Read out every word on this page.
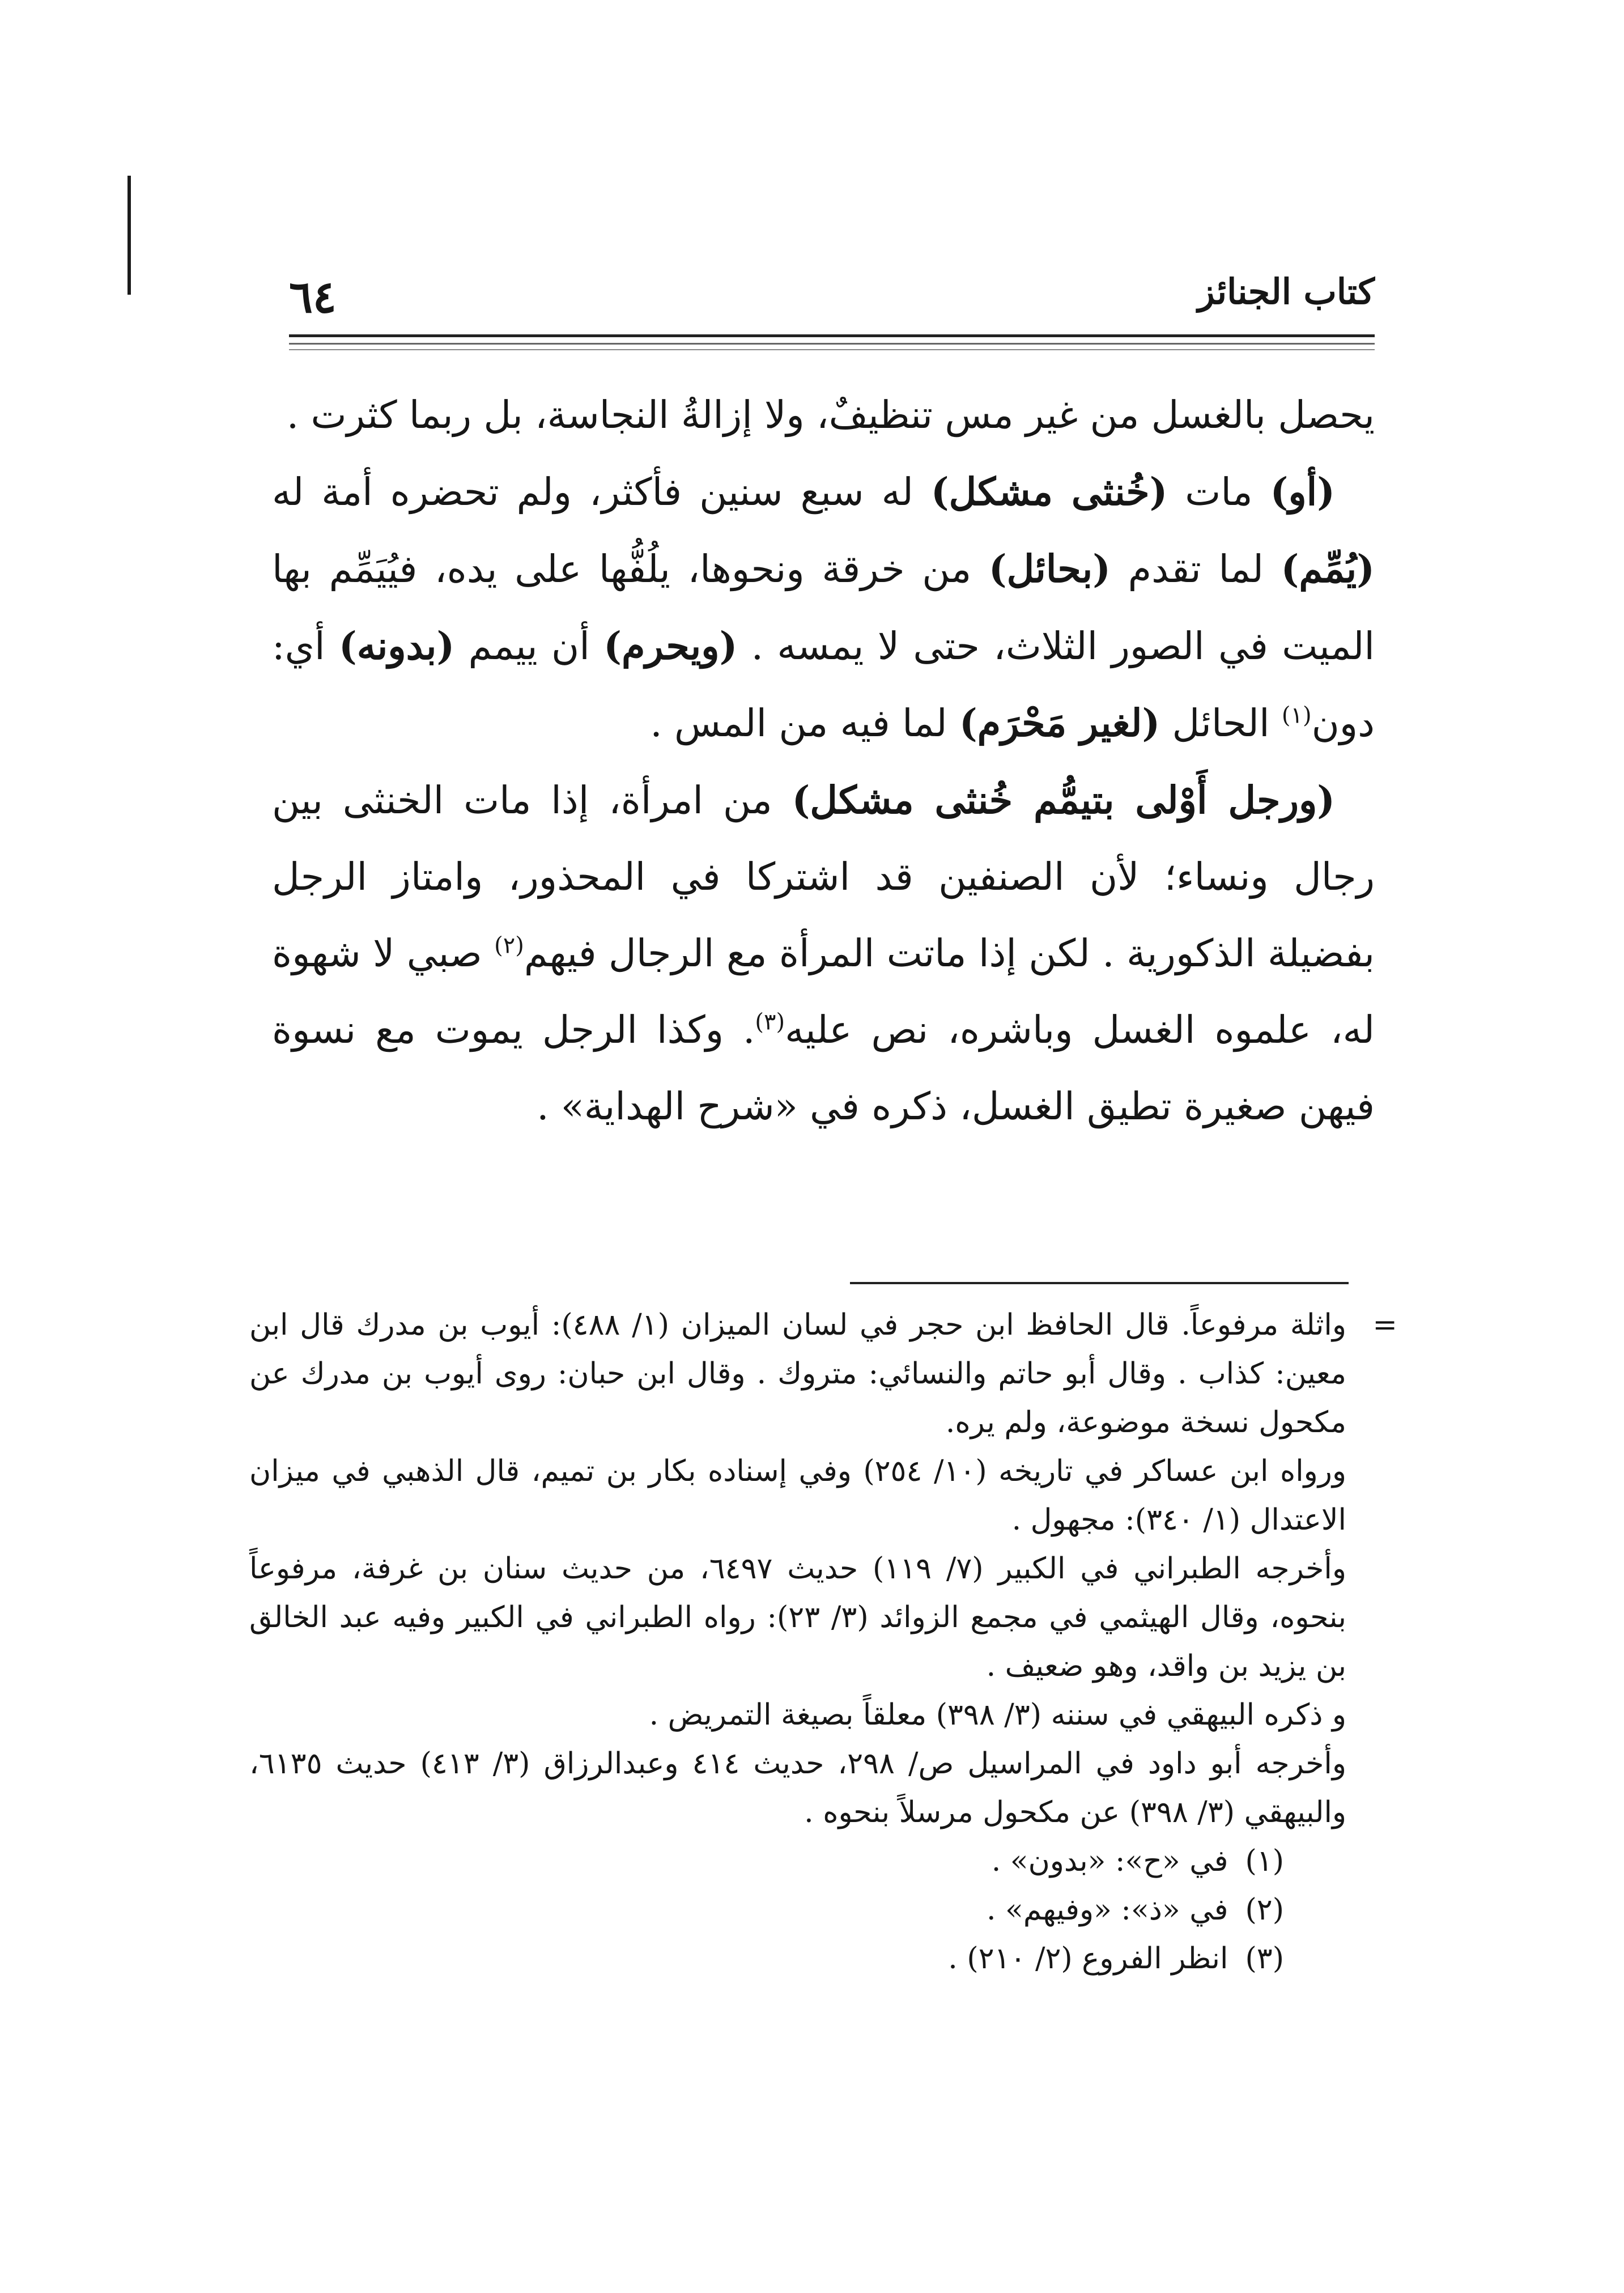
كتاب الجنائز
٦٤

يحصل بالغسل من غير مس تنظيفٌ، ولا إزالةُ النجاسة، بل ربما كثرت .

(أو) مات (خُنثى مشكل) له سبع سنين فأكثر، ولم تحضره أمة له (يُمِّم) لما تقدم (بحائل) من خرقة ونحوها، يلُفُّها على يده، فيُيَمِّم بها الميت في الصور الثلاث، حتى لا يمسه . (ويحرم) أن ييمم (بدونه) أي: دون$^{(١)}$ الحائل (لغير مَحْرَم) لما فيه من المس .

(ورجل أَوْلى بتيمُّم خُنثى مشكل) من امرأة، إذا مات الخنثى بين رجال ونساء؛ لأن الصنفين قد اشتركا في المحذور، وامتاز الرجل بفضيلة الذكورية . لكن إذا ماتت المرأة مع الرجال فيهم$^{(٢)}$ صبي لا شهوة له، علموه الغسل وباشره، نص عليه$^{(٣)}$. وكذا الرجل يموت مع نسوة فيهن صغيرة تطيق الغسل، ذكره في «شرح الهداية» .

=

واثلة مرفوعاً. قال الحافظ ابن حجر في لسان الميزان (١/ ٤٨٨): أيوب بن مدرك قال ابن معين: كذاب . وقال أبو حاتم والنسائي: متروك . وقال ابن حبان: روى أيوب بن مدرك عن مكحول نسخة موضوعة، ولم يره.

ورواه ابن عساكر في تاريخه (١٠/ ٢٥٤) وفي إسناده بكار بن تميم، قال الذهبي في ميزان الاعتدال (١/ ٣٤٠): مجهول .

وأخرجه الطبراني في الكبير (٧/ ١١٩) حديث ٦٤٩٧، من حديث سنان بن غرفة، مرفوعاً بنحوه، وقال الهيثمي في مجمع الزوائد (٣/ ٢٣): رواه الطبراني في الكبير وفيه عبد الخالق بن يزيد بن واقد، وهو ضعيف .

و ذكره البيهقي في سننه (٣/ ٣٩٨) معلقاً بصيغة التمريض .

وأخرجه أبو داود في المراسيل ص/ ٢٩٨، حديث ٤١٤ وعبدالرزاق (٣/ ٤١٣) حديث ٦١٣٥، والبيهقي (٣/ ٣٩٨) عن مكحول مرسلاً بنحوه .

(١)
في «ح»: «بدون» .
(٢)
في «ذ»: «وفيهم» .
(٣)
انظر الفروع (٢/ ٢١٠) .
